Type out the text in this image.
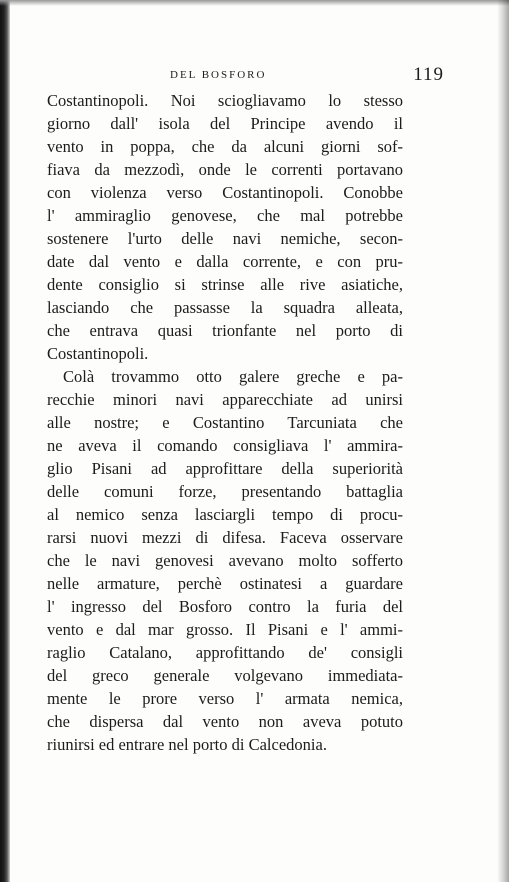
DEL BOSFORO	119
Costantinopoli. Noi sciogliavamo lo stesso
giorno dall' isola del Principe avendo il
vento in poppa, che da alcuni giorni sof-
fiava da mezzodì, onde le correnti portavano
con violenza verso Costantinopoli. Conobbe
l' ammiraglio genovese, che mal potrebbe
sostenere l'urto delle navi nemiche, secon-
date dal vento e dalla corrente, e con pru-
dente consiglio si strinse alle rive asiatiche,
lasciando che passasse la squadra alleata,
che entrava quasi trionfante nel porto di
Costantinopoli.
Colà trovammo otto galere greche e pa-
recchie minori navi apparecchiate ad unirsi
alle nostre; e Costantino Tarcuniata che
ne aveva il comando consigliava l' ammira-
glio Pisani ad approfittare della superiorità
delle comuni forze, presentando battaglia
al nemico senza lasciargli tempo di procu-
rarsi nuovi mezzi di difesa. Faceva osservare
che le navi genovesi avevano molto sofferto
nelle armature, perchè ostinatesi a guardare
l' ingresso del Bosforo contro la furia del
vento e dal mar grosso. Il Pisani e l' ammi-
raglio Catalano, approfittando de' consigli
del greco generale volgevano immediata-
mente le prore verso l' armata nemica,
che dispersa dal vento non aveva potuto
riunirsi ed entrare nel porto di Calcedonia.
